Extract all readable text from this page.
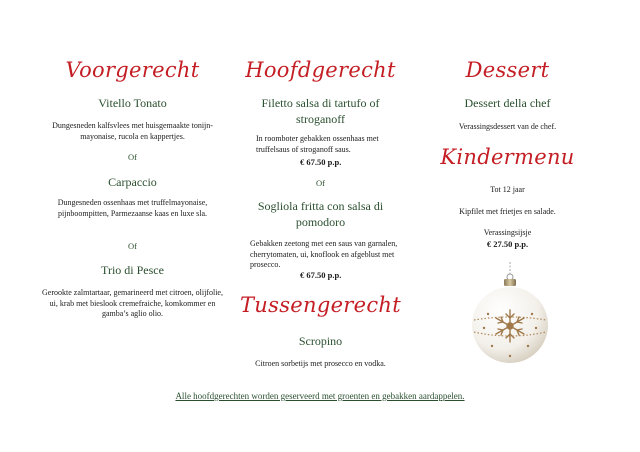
Voorgerecht
Vitello Tonato
Dungesneden kalfsvlees met huisgemaakte tonijn-mayonaise, rucola en kappertjes.
Of
Carpaccio
Dungesneden ossenhaas met truffelmayonaise, pijnboompitten, Parmezaanse kaas en luxe sla.
Of
Trio di Pesce
Gerookte zalmtartaar, gemarineerd met citroen, olijfolie, ui, krab met bieslook cremefraiche, komkommer en gamba’s aglio olio.
Hoofdgerecht
Filetto salsa di tartufo of stroganoff
In roomboter gebakken ossenhaas met truffelsaus of stroganoff saus.
€ 67.50 p.p.
Of
Sogliola fritta con salsa di pomodoro
Gebakken zeetong met een saus van garnalen, cherrytomaten, ui, knoflook en afgeblust met prosecco.
€ 67.50 p.p.
Tussengerecht
Scropino
Citroen sorbetijs met prosecco en vodka.
Dessert
Dessert della chef
Verassingsdessert van de chef.
Kindermenu
Tot 12 jaar
Kipfilet met frietjes en salade.
Verassingsijsje
€ 27.50 p.p.
Alle hoofdgerechten worden geserveerd met groenten en gebakken aardappelen.
